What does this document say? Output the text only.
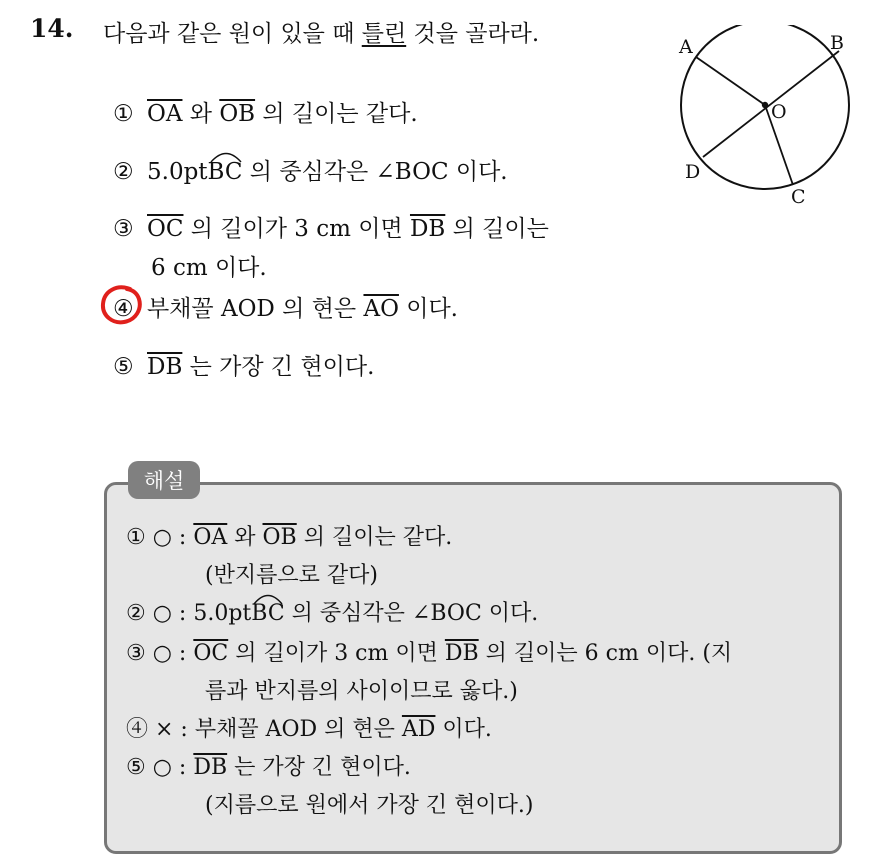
14. 다음과 같은 원이 있을 때 틀린 것을 골라라.
① $\overline{OA}$ 와 $\overline{OB}$ 의 길이는 같다.
② 5.0pt
BC 의 중심각은 ∠BOC 이다.
③ $\overline{OC}$ 의 길이가 3 cm 이면 $\overline{DB}$ 의 길이는
6 cm 이다.
④ 부채꼴 AOD 의 현은 $\overline{AO}$ 이다.
⑤ $\overline{DB}$ 는 가장 긴 현이다.
A	B
C
D
O
해설
① ○ : $\overline{OA}$ 와 $\overline{OB}$ 의 길이는 같다.
(반지름으로 같다)
② ○ : 5.0pt
BC 의 중심각은 ∠BOC 이다.
③ ○ : $\overline{OC}$ 의 길이가 3 cm 이면 $\overline{DB}$ 의 길이는 6 cm 이다. (지
름과 반지름의 사이이므로 옳다.)
④ × : 부채꼴 AOD 의 현은 $\overline{AD}$ 이다.
⑤ ○ : $\overline{DB}$ 는 가장 긴 현이다.
(지름으로 원에서 가장 긴 현이다.)
